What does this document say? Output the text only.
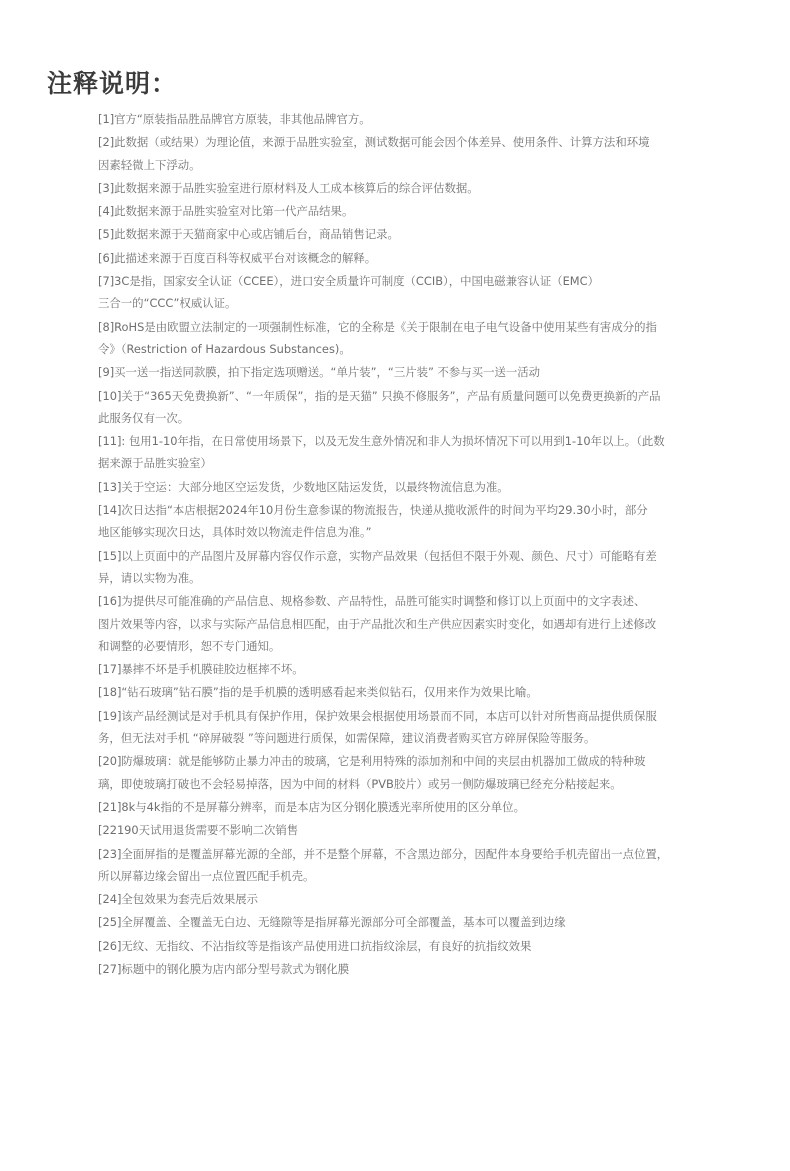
注释说明：
[1]官方“原装指品胜品牌官方原装，非其他品牌官方。
[2]此数据（或结果）为理论值，来源于品胜实验室，测试数据可能会因个体差异、使用条件、计算方法和环境
因素轻微上下浮动。
[3]此数据来源于品胜实验室进行原材料及人工成本核算后的综合评估数据。
[4]此数据来源于品胜实验室对比第一代产品结果。
[5]此数据来源于天猫商家中心或店铺后台，商品销售记录。
[6]此描述来源于百度百科等权威平台对该概念的解释。
[7]3C是指，国家安全认证（CCEE），进口安全质量许可制度（CCIB），中国电磁兼容认证（EMC）
三合一的“CCC”权威认证。
[8]RoHS是由欧盟立法制定的一项强制性标准，它的全称是《关于限制在电子电气设备中使用某些有害成分的指
令》（Restriction of Hazardous Substances)。
[9]买一送一指送同款膜，拍下指定选项赠送。“单片装”，“三片装” 不参与买一送一活动
[10]关于“365天免费换新”、“一年质保”，指的是天猫” 只换不修服务”，产品有质量问题可以免费更换新的产品
此服务仅有一次。
[11]: 包用1-10年指，在日常使用场景下，以及无发生意外情况和非人为损坏情况下可以用到1-10年以上。（此数
据来源于品胜实验室）
[13]关于空运：大部分地区空运发货，少数地区陆运发货，以最终物流信息为准。
[14]次日达指“本店根据2024年10月份生意参谋的物流报告，快递从揽收派件的时间为平均29.30小时，部分
地区能够实现次日达，具体时效以物流走件信息为准。”
[15]以上页面中的产品图片及屏幕内容仅作示意，实物产品效果（包括但不限于外观、颜色、尺寸）可能略有差
异，请以实物为准。
[16]为提供尽可能准确的产品信息、规格参数、产品特性，品胜可能实时调整和修订以上页面中的文字表述、
图片效果等内容，以求与实际产品信息相匹配，由于产品批次和生产供应因素实时变化，如遇却有进行上述修改
和调整的必要情形，恕不专门通知。
[17]暴摔不坏是手机膜硅胶边框摔不坏。
[18]“钻石玻璃”钻石膜”指的是手机膜的透明感看起来类似钻石，仅用来作为效果比喻。
[19]该产品经测试是对手机具有保护作用，保护效果会根据使用场景而不同，本店可以针对所售商品提供质保服
务，但无法对手机 “碎屏破裂 ”等问题进行质保，如需保障，建议消费者购买官方碎屏保险等服务。
[20]防爆玻璃：就是能够防止暴力冲击的玻璃，它是利用特殊的添加剂和中间的夹层由机器加工做成的特种玻
璃，即使玻璃打破也不会轻易掉落，因为中间的材料（PVB胶片）或另一侧防爆玻璃已经充分粘接起来。
[21]8k与4k指的不是屏幕分辨率，而是本店为区分钢化膜透光率所使用的区分单位。
[22190天试用退货需要不影响二次销售
[23]全面屏指的是覆盖屏幕光源的全部，并不是整个屏幕，不含黑边部分，因配件本身要给手机壳留出一点位置，
所以屏幕边缘会留出一点位置匹配手机壳。
[24]全包效果为套壳后效果展示
[25]全屏覆盖、全覆盖无白边、无缝隙等是指屏幕光源部分可全部覆盖，基本可以覆盖到边缘
[26]无纹、无指纹、不沾指纹等是指该产品使用进口抗指纹涂层，有良好的抗指纹效果
[27]标题中的钢化膜为店内部分型号款式为钢化膜
